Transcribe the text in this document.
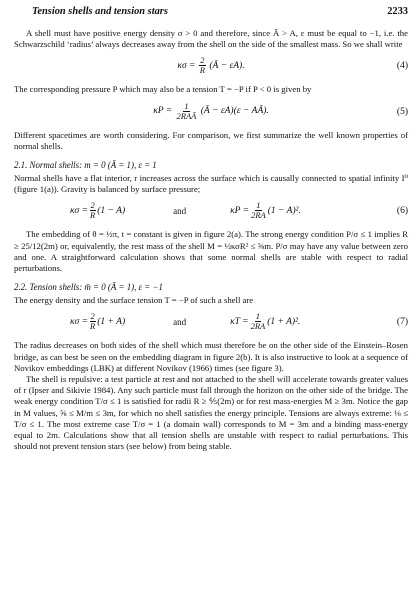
Tension shells and tension stars	2233

A shell must have positive energy density σ > 0 and therefore, since Ā > A, ε must be equal to −1, i.e. the Schwarzschild ‘radius’ always decreases away from the shell on the side of the smallest mass. So we shall write

$\kappa\sigma = \frac{2}{R}$ (Ā − εA).	(4)

The corresponding pressure P which may also be a tension T = −P if P < 0 is given by

$\kappa P = \frac{1}{\text{2RAĀ}}$ (Ā − εA)(ε − AĀ).	(5)

Different spacetimes are worth considering. For comparison, we first summarize the well known properties of normal shells.

2.1. Normal shells: m = 0 (Ā = 1), ε = 1

Normal shells have a flat interior, r increases across the surface which is causally connected to spatial infinity I⁰ (figure 1(a)). Gravity is balanced by surface pressure;

$\kappa\sigma = \frac{2}{R} (1 - A)$	and	$\kappa P = \frac{1}{2RA} (1 - A)^2$.	(6)

The embedding of θ = ½π, t = constant is given in figure 2(a). The strong energy condition P/σ ≤ 1 implies R ≥ 25/12(2m) or, equivalently, the rest mass of the shell M = ½κσR² ≤ ⅝m. P/σ may have any value between zero and one. A straightforward calculation shows that some normal shells are stable with respect to radial perturbations.

2.2. Tension shells: m̄ = 0 (Ā = 1), ε = −1

The energy density and the surface tension T = −P of such a shell are

$\kappa\sigma = \frac{2}{R} (1 + A)$	and	$\kappa T = \frac{1}{2RA} (1 + A)^2$.	(7)

The radius decreases on both sides of the shell which must therefore be on the other side of the Einstein–Rosen bridge, as can best be seen on the embedding diagram in figure 2(b). It is also instructive to look at a sequence of Novikov embeddings (LBK) at different Novikov (1966) times (see figure 3).

The shell is repulsive: a test particle at rest and not attached to the shell will accelerate towards greater values of r (Ipser and Sikivie 1984). Any such particle must fall through the horizon on the other side of the bridge. The weak energy condition T/σ ≤ 1 is satisfied for radii R ≥ ⅘(2m) or for rest mass-energies M ≥ 3m. Notice the gap in M values, ⅝ ≤ M/m ≤ 3m, for which no shell satisfies the energy principle. Tensions are always extreme: ⅛ ≤ T/σ ≤ 1. The most extreme case T/σ = 1 (a domain wall) corresponds to M = 3m and a binding mass-energy equal to 2m. Calculations show that all tension shells are unstable with respect to radial perturbations. This should not prevent tension stars (see below) from being stable.
